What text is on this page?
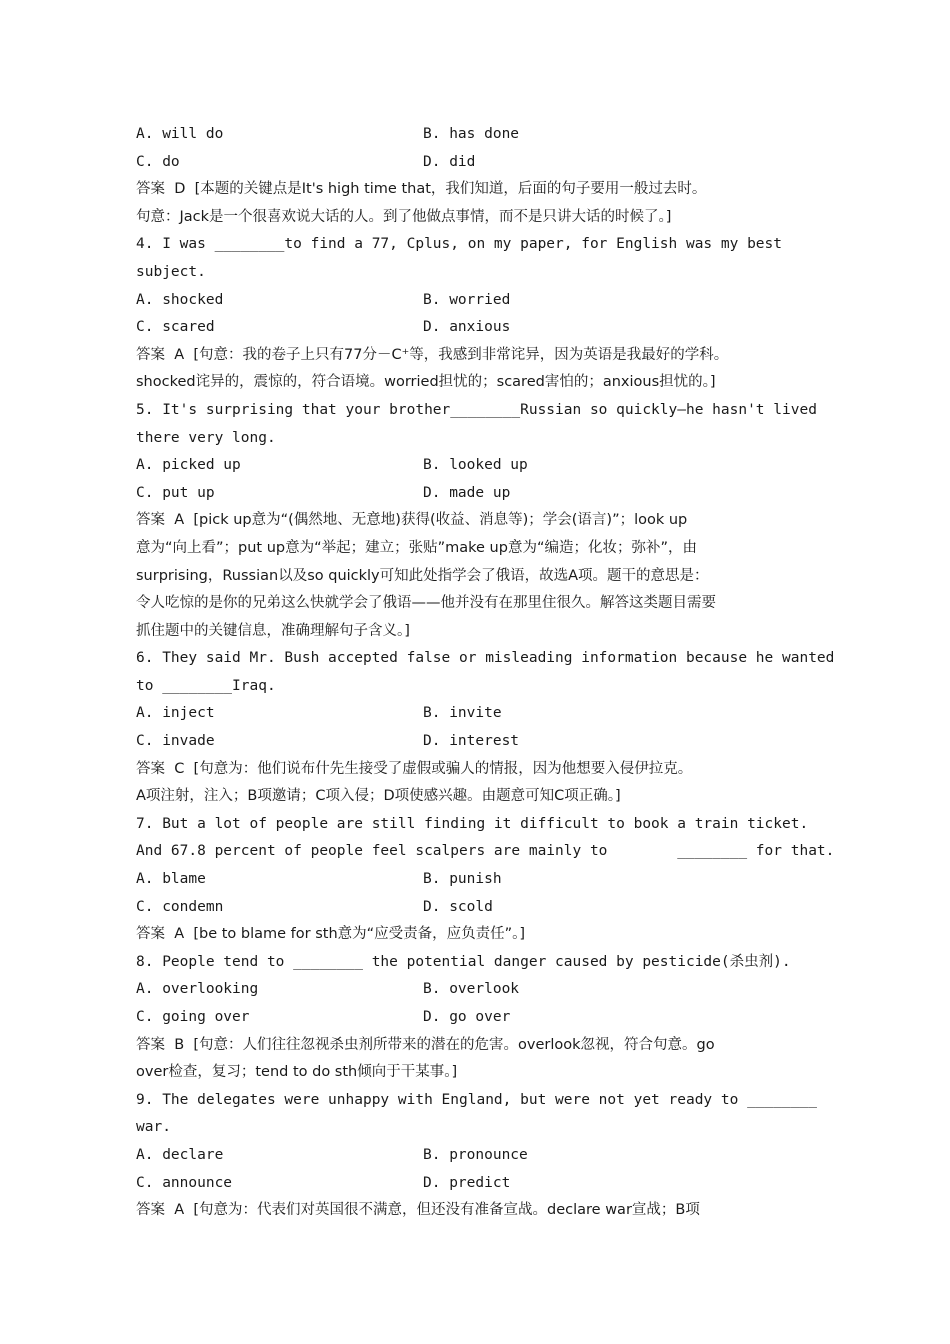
A. will do	B. has done
C. do	D. did
答案  D  [本题的关键点是It's high time that，我们知道，后面的句子要用一般过去时。
句意：Jack是一个很喜欢说大话的人。到了他做点事情，而不是只讲大话的时候了。]
4. I was ________to find a 77, Cplus, on my paper, for English was my best
subject.
A. shocked	B. worried
C. scared	D. anxious
答案  A  [句意：我的卷子上只有77分－C⁺等，我感到非常诧异，因为英语是我最好的学科。
shocked诧异的，震惊的，符合语境。worried担忧的；scared害怕的；anxious担忧的。]
5. It's surprising that your brother________Russian so quickly—he hasn't lived
there very long.
A. picked up	B. looked up
C. put up	D. made up
答案  A  [pick up意为“(偶然地、无意地)获得(收益、消息等)；学会(语言)”；look up
意为“向上看”；put up意为“举起；建立；张贴”make up意为“编造；化妆；弥补”，由
surprising，Russian以及so quickly可知此处指学会了俄语，故选A项。题干的意思是：
令人吃惊的是你的兄弟这么快就学会了俄语——他并没有在那里住很久。解答这类题目需要
抓住题中的关键信息，准确理解句子含义。]
6. They said Mr. Bush accepted false or misleading information because he wanted
to ________Iraq.
A. inject	B. invite
C. invade	D. interest
答案  C  [句意为：他们说布什先生接受了虚假或骗人的情报，因为他想要入侵伊拉克。
A项注射，注入；B项邀请；C项入侵；D项使感兴趣。由题意可知C项正确。]
7. But a lot of people are still finding it difficult to book a train ticket.
And 67.8 percent of people feel scalpers are mainly to        ________ for that.
A. blame	B. punish
C. condemn	D. scold
答案  A  [be to blame for sth意为“应受责备，应负责任”。]
8. People tend to ________ the potential danger caused by pesticide(杀虫剂).
A. overlooking	B. overlook
C. going over	D. go over
答案  B  [句意：人们往往忽视杀虫剂所带来的潜在的危害。overlook忽视，符合句意。go
over检查，复习；tend to do sth倾向于干某事。]
9. The delegates were unhappy with England, but were not yet ready to ________
war.
A. declare	B. pronounce
C. announce	D. predict
答案  A  [句意为：代表们对英国很不满意，但还没有准备宣战。declare war宣战；B项
